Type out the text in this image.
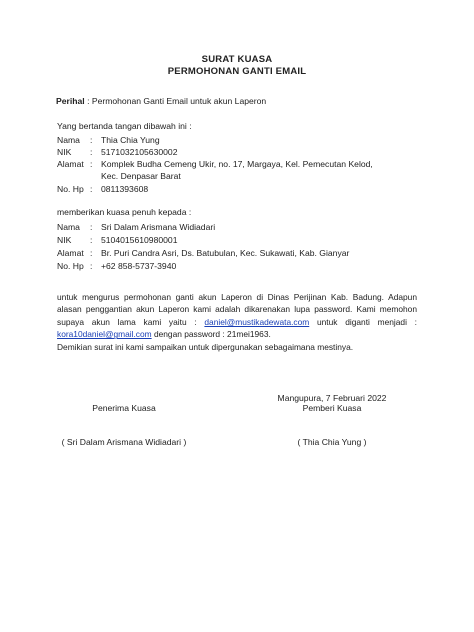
SURAT KUASA
PERMOHONAN GANTI EMAIL
Perihal : Permohonan Ganti Email untuk akun Laperon
Yang bertanda tangan dibawah ini :
Nama : Thia Chia Yung
NIK : 5171032105630002
Alamat : Komplek Budha Cemeng Ukir, no. 17, Margaya, Kel. Pemecutan Kelod,
Kec. Denpasar Barat
No. Hp : 0811393608
memberikan kuasa penuh kepada :
Nama : Sri Dalam Arismana Widiadari
NIK : 5104015610980001
Alamat : Br. Puri Candra Asri, Ds. Batubulan, Kec. Sukawati, Kab. Gianyar
No. Hp : +62 858-5737-3940
untuk mengurus permohonan ganti akun Laperon di Dinas Perijinan Kab. Badung. Adapun
alasan penggantian akun Laperon kami adalah dikarenakan lupa password. Kami memohon
supaya akun lama kami yaitu : daniel@mustikadewata.com untuk diganti menjadi :
kora10daniel@gmail.com dengan password : 21mei1963.
Demikian surat ini kami sampaikan untuk dipergunakan sebagaimana mestinya.
Mangupura, 7 Februari 2022
Penerima Kuasa	Pemberi Kuasa
( Sri Dalam Arismana Widiadari )	( Thia Chia Yung )
